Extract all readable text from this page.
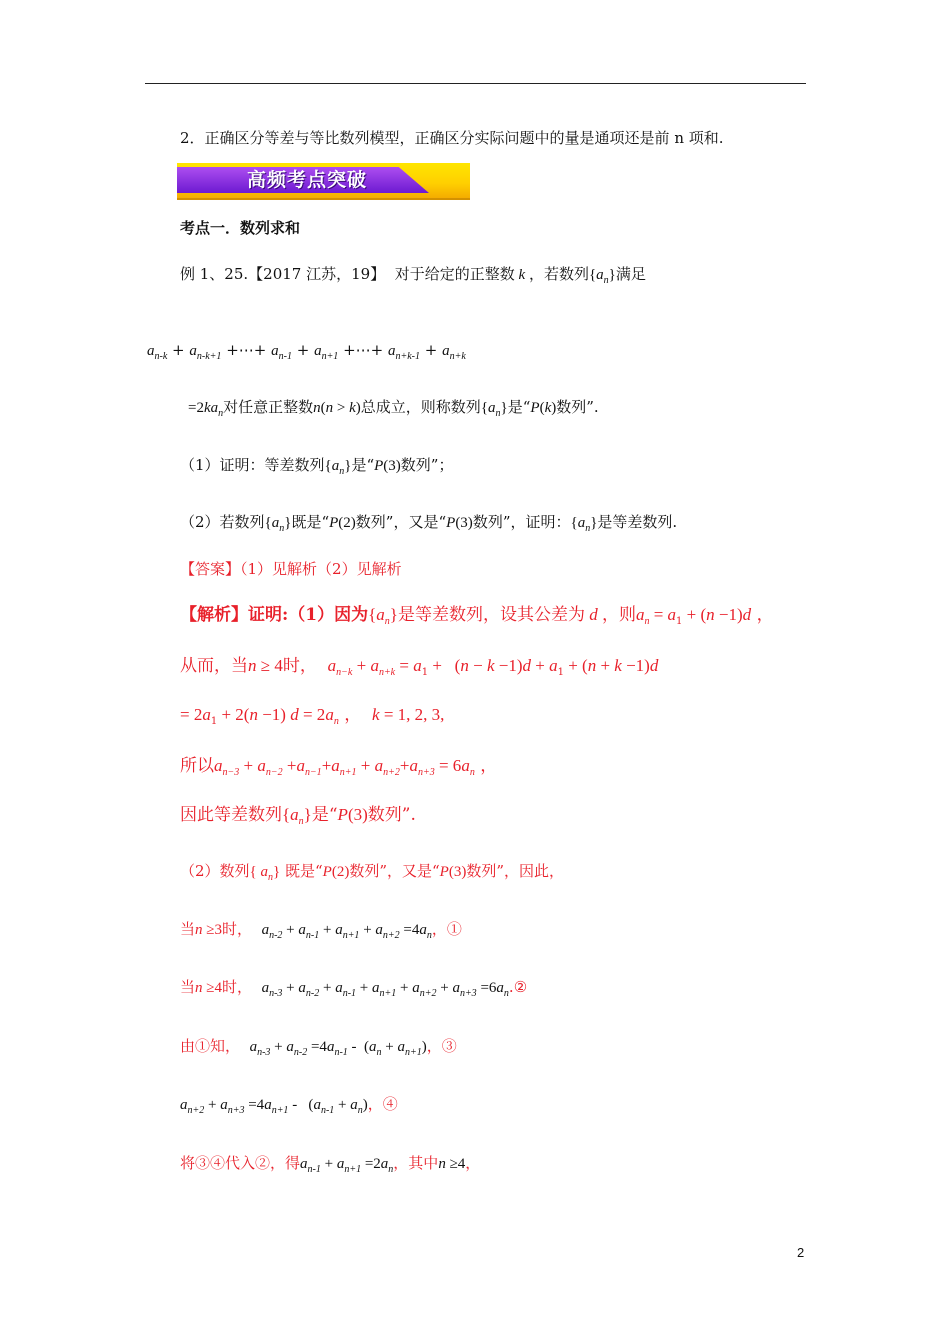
2．正确区分等差与等比数列模型，正确区分实际问题中的量是通项还是前 n 项和.
高频考点突破
考点一．数列求和
例 1、25.【2017 江苏，19】 对于给定的正整数 k ，若数列$\{a_n\}$满足
$a_{n-k} + a_{n-k+1}$ +⋯+ $a_{n-1} + a_{n+1}$ +⋯+ $a_{n+k-1} + a_{n+k}$
$=2ka_n$对任意正整数n(n > k)总成立，则称数列$\{a_n\}$是“P(k)数列”.
（1）证明：等差数列$\{a_n\}$是“P(3)数列”；
（2）若数列$\{a_n\}$既是“P(2)数列”，又是“P(3)数列”，证明：$\{a_n\}$是等差数列.
【答案】（1）见解析（2）见解析
【解析】证明:（1）因为$\{a_n\}$是等差数列，设其公差为 d ，则$a_n = a_1 + (n -1)d$ ，
从而，当n ≥ 4时， $a_{n-k} + a_{n+k} = a_1 + (n - k -1)d + a_1 + (n + k -1)d$
= $2a_1 + 2(n -1) d = 2a_n$ ，  k = 1, 2, 3,
所以$a_{n-3} + a_{n-2} +a_{n-1}+a_{n+1} + a_{n+2}+a_{n+3} = 6a_n$ ，
因此等差数列$\{a_n\}$是“P(3)数列”.
（2）数列{ $a_n$} 既是“P(2)数列”，又是“P(3)数列”，因此，
当n ≥3时， $a_{n-2} + a_{n-1} + a_{n+1} + a_{n+2} =4a_n$，①
当n ≥4时， $a_{n-3} + a_{n-2} + a_{n-1} + a_{n+1} + a_{n+2} + a_{n+3}$ $=6a_n.②$
由①知， $a_{n-3} + a_{n-2} =4a_{n-1} - (a_n + a_{n+1})$，③
$a_{n+2} + a_{n+3} =4a_{n+1} - (a_{n-1} + a_n)$，④
将③④代入②，得$a_{n-1} + a_{n+1} =2a_n$，其中n ≥4，
2
